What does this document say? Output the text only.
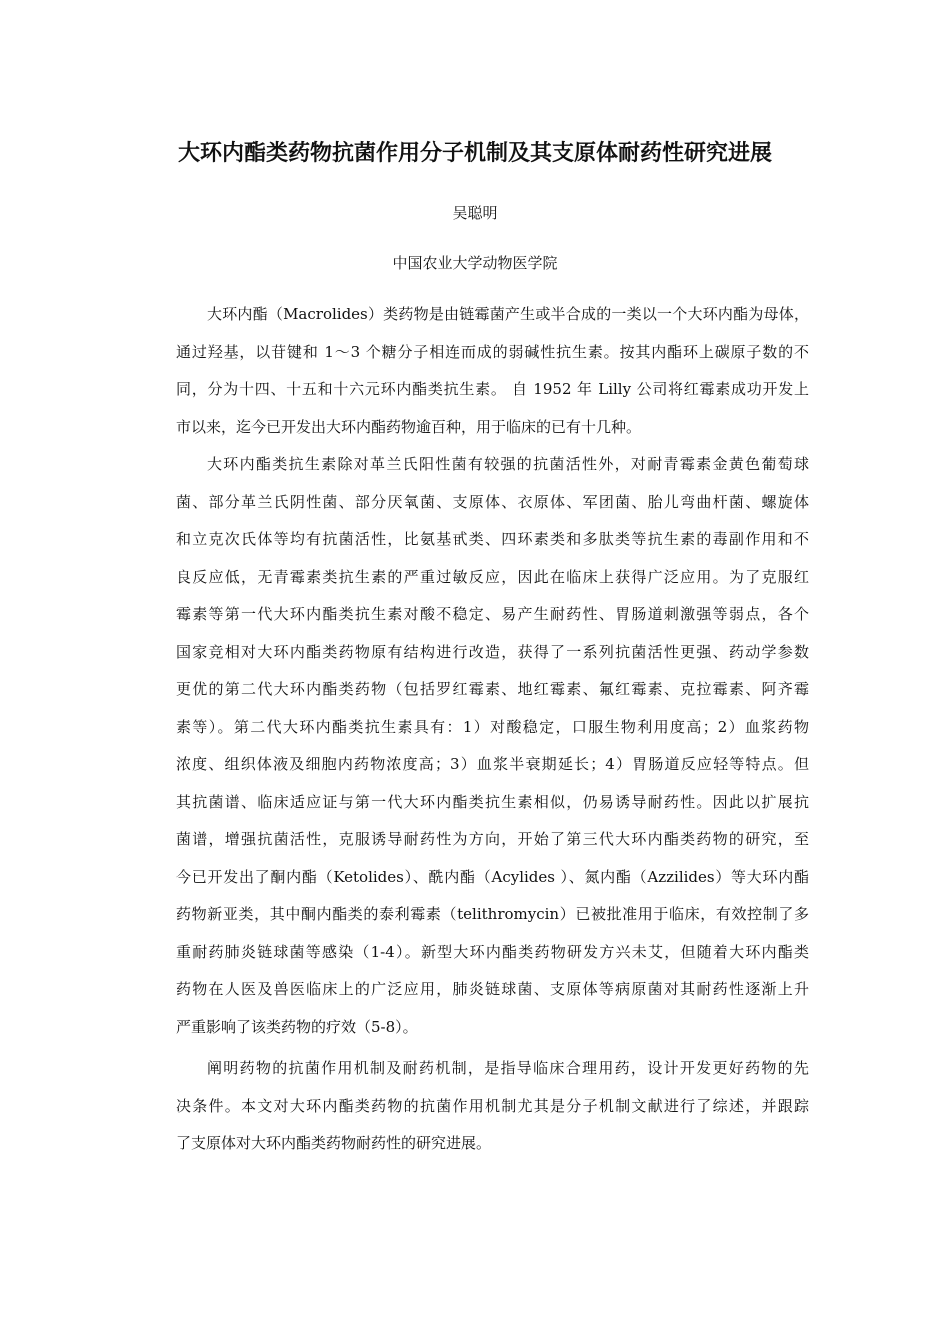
大环内酯类药物抗菌作用分子机制及其支原体耐药性研究进展
吴聪明
中国农业大学动物医学院
大环内酯（Macrolides）类药物是由链霉菌产生或半合成的一类以一个大环内酯为母体，
通过羟基，以苷键和 1～3 个糖分子相连而成的弱碱性抗生素。按其内酯环上碳原子数的不
同，分为十四、十五和十六元环内酯类抗生素。 自 1952 年 Lilly 公司将红霉素成功开发上
市以来，迄今已开发出大环内酯药物逾百种，用于临床的已有十几种。
大环内酯类抗生素除对革兰氏阳性菌有较强的抗菌活性外，对耐青霉素金黄色葡萄球
菌、部分革兰氏阴性菌、部分厌氧菌、支原体、衣原体、军团菌、胎儿弯曲杆菌、螺旋体
和立克次氏体等均有抗菌活性，比氨基甙类、四环素类和多肽类等抗生素的毒副作用和不
良反应低，无青霉素类抗生素的严重过敏反应，因此在临床上获得广泛应用。为了克服红
霉素等第一代大环内酯类抗生素对酸不稳定、易产生耐药性、胃肠道刺激强等弱点，各个
国家竞相对大环内酯类药物原有结构进行改造，获得了一系列抗菌活性更强、药动学参数
更优的第二代大环内酯类药物（包括罗红霉素、地红霉素、氟红霉素、克拉霉素、阿齐霉
素等）。第二代大环内酯类抗生素具有：1）对酸稳定，口服生物利用度高；2）血浆药物
浓度、组织体液及细胞内药物浓度高；3）血浆半衰期延长；4）胃肠道反应轻等特点。但
其抗菌谱、临床适应证与第一代大环内酯类抗生素相似，仍易诱导耐药性。因此以扩展抗
菌谱，增强抗菌活性，克服诱导耐药性为方向，开始了第三代大环内酯类药物的研究，至
今已开发出了酮内酯（Ketolides）、酰内酯（Acylides ）、氮内酯（Azzilides）等大环内酯
药物新亚类，其中酮内酯类的泰利霉素（telithromycin）已被批准用于临床，有效控制了多
重耐药肺炎链球菌等感染（1-4）。新型大环内酯类药物研发方兴未艾，但随着大环内酯类
药物在人医及兽医临床上的广泛应用，肺炎链球菌、支原体等病原菌对其耐药性逐渐上升
严重影响了该类药物的疗效（5-8）。
阐明药物的抗菌作用机制及耐药机制，是指导临床合理用药，设计开发更好药物的先
决条件。本文对大环内酯类药物的抗菌作用机制尤其是分子机制文献进行了综述，并跟踪
了支原体对大环内酯类药物耐药性的研究进展。
